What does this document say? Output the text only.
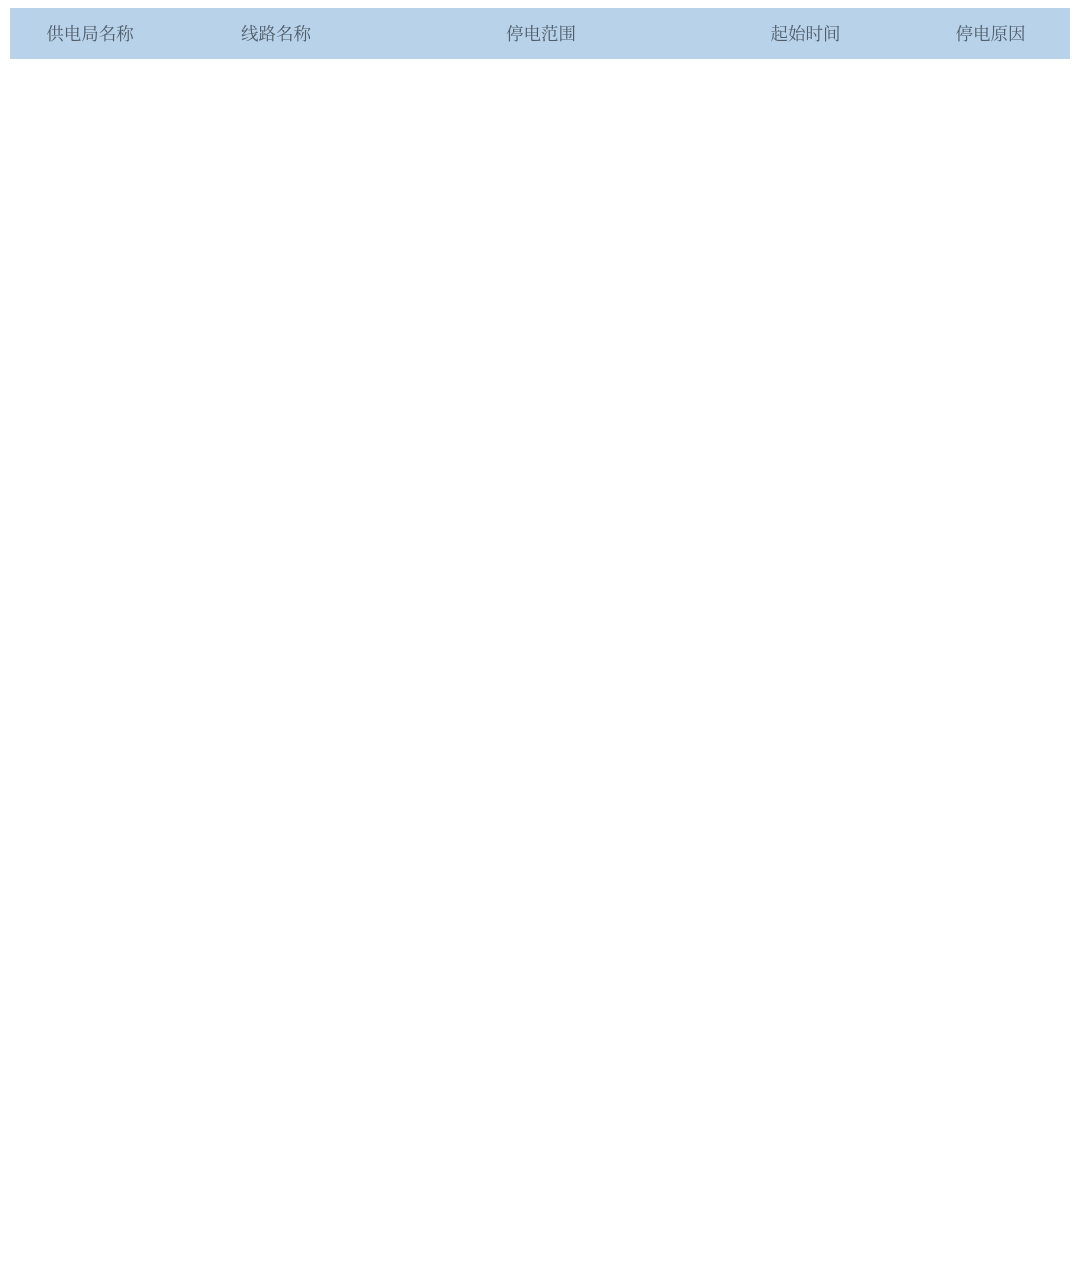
供电局名称	线路名称	停电范围	起始时间	停电原因
